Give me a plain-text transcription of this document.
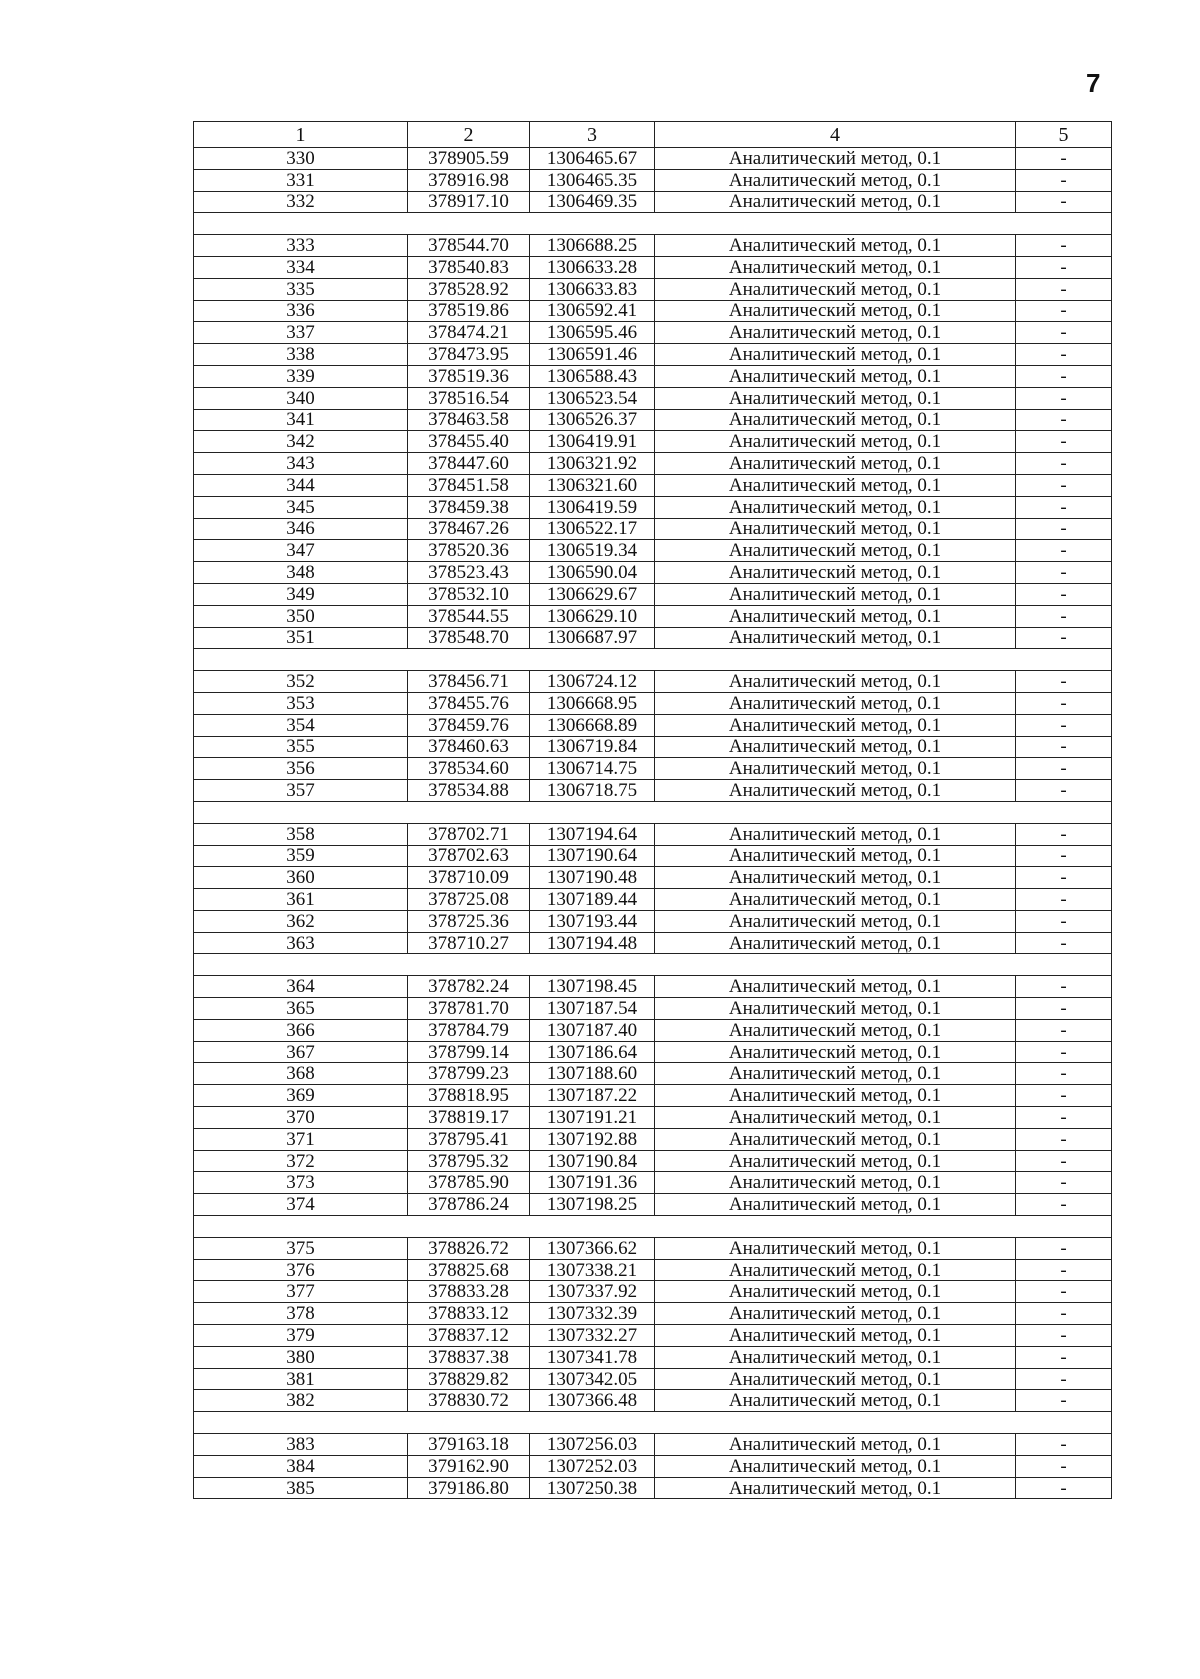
7
1	2	3	4	5
330	378905.59	1306465.67	Аналитический метод, 0.1	-
331	378916.98	1306465.35	Аналитический метод, 0.1	-
332	378917.10	1306469.35	Аналитический метод, 0.1	-

333	378544.70	1306688.25	Аналитический метод, 0.1	-
334	378540.83	1306633.28	Аналитический метод, 0.1	-
335	378528.92	1306633.83	Аналитический метод, 0.1	-
336	378519.86	1306592.41	Аналитический метод, 0.1	-
337	378474.21	1306595.46	Аналитический метод, 0.1	-
338	378473.95	1306591.46	Аналитический метод, 0.1	-
339	378519.36	1306588.43	Аналитический метод, 0.1	-
340	378516.54	1306523.54	Аналитический метод, 0.1	-
341	378463.58	1306526.37	Аналитический метод, 0.1	-
342	378455.40	1306419.91	Аналитический метод, 0.1	-
343	378447.60	1306321.92	Аналитический метод, 0.1	-
344	378451.58	1306321.60	Аналитический метод, 0.1	-
345	378459.38	1306419.59	Аналитический метод, 0.1	-
346	378467.26	1306522.17	Аналитический метод, 0.1	-
347	378520.36	1306519.34	Аналитический метод, 0.1	-
348	378523.43	1306590.04	Аналитический метод, 0.1	-
349	378532.10	1306629.67	Аналитический метод, 0.1	-
350	378544.55	1306629.10	Аналитический метод, 0.1	-
351	378548.70	1306687.97	Аналитический метод, 0.1	-

352	378456.71	1306724.12	Аналитический метод, 0.1	-
353	378455.76	1306668.95	Аналитический метод, 0.1	-
354	378459.76	1306668.89	Аналитический метод, 0.1	-
355	378460.63	1306719.84	Аналитический метод, 0.1	-
356	378534.60	1306714.75	Аналитический метод, 0.1	-
357	378534.88	1306718.75	Аналитический метод, 0.1	-

358	378702.71	1307194.64	Аналитический метод, 0.1	-
359	378702.63	1307190.64	Аналитический метод, 0.1	-
360	378710.09	1307190.48	Аналитический метод, 0.1	-
361	378725.08	1307189.44	Аналитический метод, 0.1	-
362	378725.36	1307193.44	Аналитический метод, 0.1	-
363	378710.27	1307194.48	Аналитический метод, 0.1	-

364	378782.24	1307198.45	Аналитический метод, 0.1	-
365	378781.70	1307187.54	Аналитический метод, 0.1	-
366	378784.79	1307187.40	Аналитический метод, 0.1	-
367	378799.14	1307186.64	Аналитический метод, 0.1	-
368	378799.23	1307188.60	Аналитический метод, 0.1	-
369	378818.95	1307187.22	Аналитический метод, 0.1	-
370	378819.17	1307191.21	Аналитический метод, 0.1	-
371	378795.41	1307192.88	Аналитический метод, 0.1	-
372	378795.32	1307190.84	Аналитический метод, 0.1	-
373	378785.90	1307191.36	Аналитический метод, 0.1	-
374	378786.24	1307198.25	Аналитический метод, 0.1	-

375	378826.72	1307366.62	Аналитический метод, 0.1	-
376	378825.68	1307338.21	Аналитический метод, 0.1	-
377	378833.28	1307337.92	Аналитический метод, 0.1	-
378	378833.12	1307332.39	Аналитический метод, 0.1	-
379	378837.12	1307332.27	Аналитический метод, 0.1	-
380	378837.38	1307341.78	Аналитический метод, 0.1	-
381	378829.82	1307342.05	Аналитический метод, 0.1	-
382	378830.72	1307366.48	Аналитический метод, 0.1	-

383	379163.18	1307256.03	Аналитический метод, 0.1	-
384	379162.90	1307252.03	Аналитический метод, 0.1	-
385	379186.80	1307250.38	Аналитический метод, 0.1	-
